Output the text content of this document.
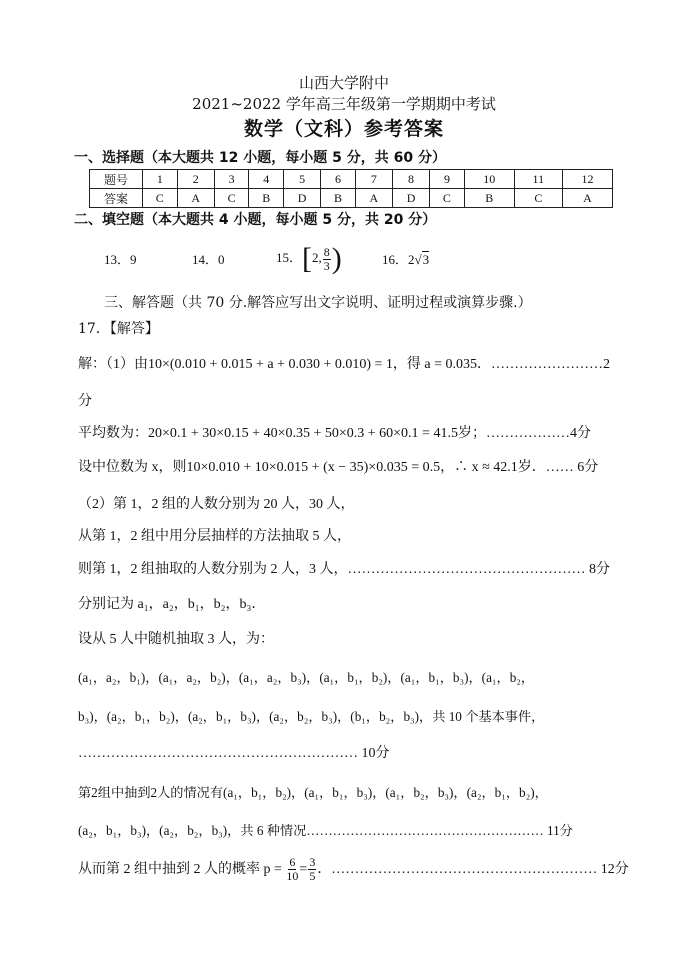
山西大学附中
2021~2022 学年高三年级第一学期期中考试
数学（文科）参考答案
一、选择题（本大题共 12 小题，每小题 5 分，共 60 分）
题号	1	2	3	4	5	6	7	8	9	10	11	12
答案	C	A	C	B	D	B	A	D	C	B	C	A
二、填空题（本大题共 4 小题，每小题 5 分，共 20 分）
13．9	14．0	15．[2, $\frac{8}{3}$ )	16．2√3
三、解答题（共 70 分.解答应写出文字说明、证明过程或演算步骤.）
17．【解答】
解：（1）由10×(0.010 + 0.015 + a + 0.030 + 0.010) = 1，得 a = 0.035．……………………2
分
平均数为：20×0.1 + 30×0.15 + 40×0.35 + 50×0.3 + 60×0.1 = 41.5岁；………………4分
设中位数为 x，则10×0.010 + 10×0.015 + (x − 35)×0.035 = 0.5，∴ x ≈ 42.1岁．…… 6分
（2）第 1，2 组的人数分别为 20 人，30 人，
从第 1，2 组中用分层抽样的方法抽取 5 人，
则第 1，2 组抽取的人数分别为 2 人，3 人，…………………………………………… 8分
分别记为 a₁，a₂，b₁，b₂，b₃．
设从 5 人中随机抽取 3 人，为：
(a₁，a₂，b₁)，(a₁，a₂，b₂)，(a₁，a₂，b₃)，(a₁，b₁，b₂)，(a₁，b₁，b₃)，(a₁，b₂，
b₃)，(a₂，b₁，b₂)，(a₂，b₁，b₃)，(a₂，b₂，b₃)，(b₁，b₂，b₃)，共 10 个基本事件，
…………………………………………………… 10分
第2组中抽到2人的情况有(a₁，b₁，b₂)，(a₁，b₁，b₃)，(a₁，b₂，b₃)，(a₂，b₁，b₂)，
(a₂，b₁，b₃)，(a₂，b₂，b₃)，共 6 种情况……………………………………………… 11分
从而第 2 组中抽到 2 人的概率 $p = \frac{6}{10} = \frac{3}{5}$ ．………………………………………………… 12分
